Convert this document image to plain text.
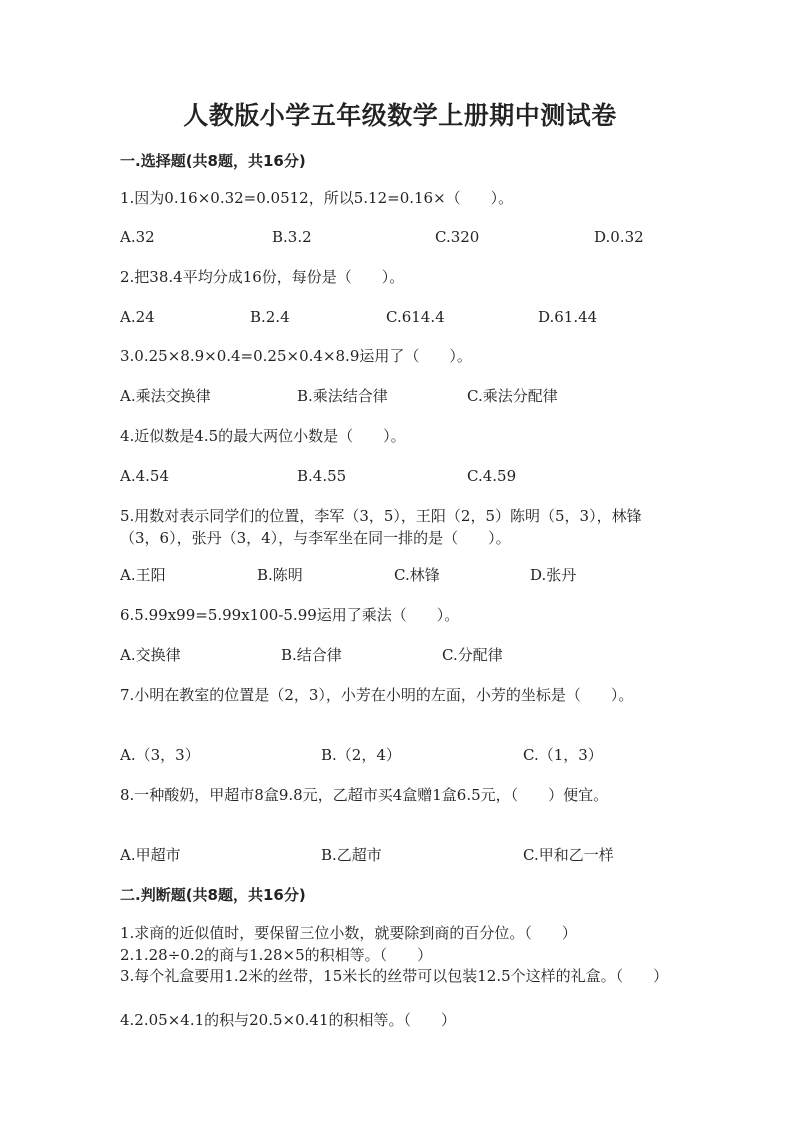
人教版小学五年级数学上册期中测试卷
一.选择题(共8题，共16分)
1.因为0.16×0.32=0.0512，所以5.12=0.16×（　　）。
A.32	B.3.2	C.320	D.0.32
2.把38.4平均分成16份，每份是（　　）。
A.24	B.2.4	C.614.4	D.61.44
3.0.25×8.9×0.4=0.25×0.4×8.9运用了（　　）。
A.乘法交换律	B.乘法结合律	C.乘法分配律
4.近似数是4.5的最大两位小数是（　　）。
A.4.54	B.4.55	C.4.59
5.用数对表示同学们的位置，李军（3，5），王阳（2，5）陈明（5，3），林锋（3，6），张丹（3，4），与李军坐在同一排的是（　　）。
A.王阳	B.陈明	C.林锋	D.张丹
6.5.99x99=5.99x100-5.99运用了乘法（　　）。
A.交换律	B.结合律	C.分配律
7.小明在教室的位置是（2，3），小芳在小明的左面，小芳的坐标是（　　）。
A.（3，3）	B.（2，4）	C.（1，3）
8.一种酸奶，甲超市8盒9.8元，乙超市买4盒赠1盒6.5元，（　　）便宜。
A.甲超市	B.乙超市	C.甲和乙一样
二.判断题(共8题，共16分)
1.求商的近似值时，要保留三位小数，就要除到商的百分位。（　　）
2.1.28÷0.2的商与1.28×5的积相等。（　　）
3.每个礼盒要用1.2米的丝带，15米长的丝带可以包装12.5个这样的礼盒。（　　）
4.2.05×4.1的积与20.5×0.41的积相等。（　　）
